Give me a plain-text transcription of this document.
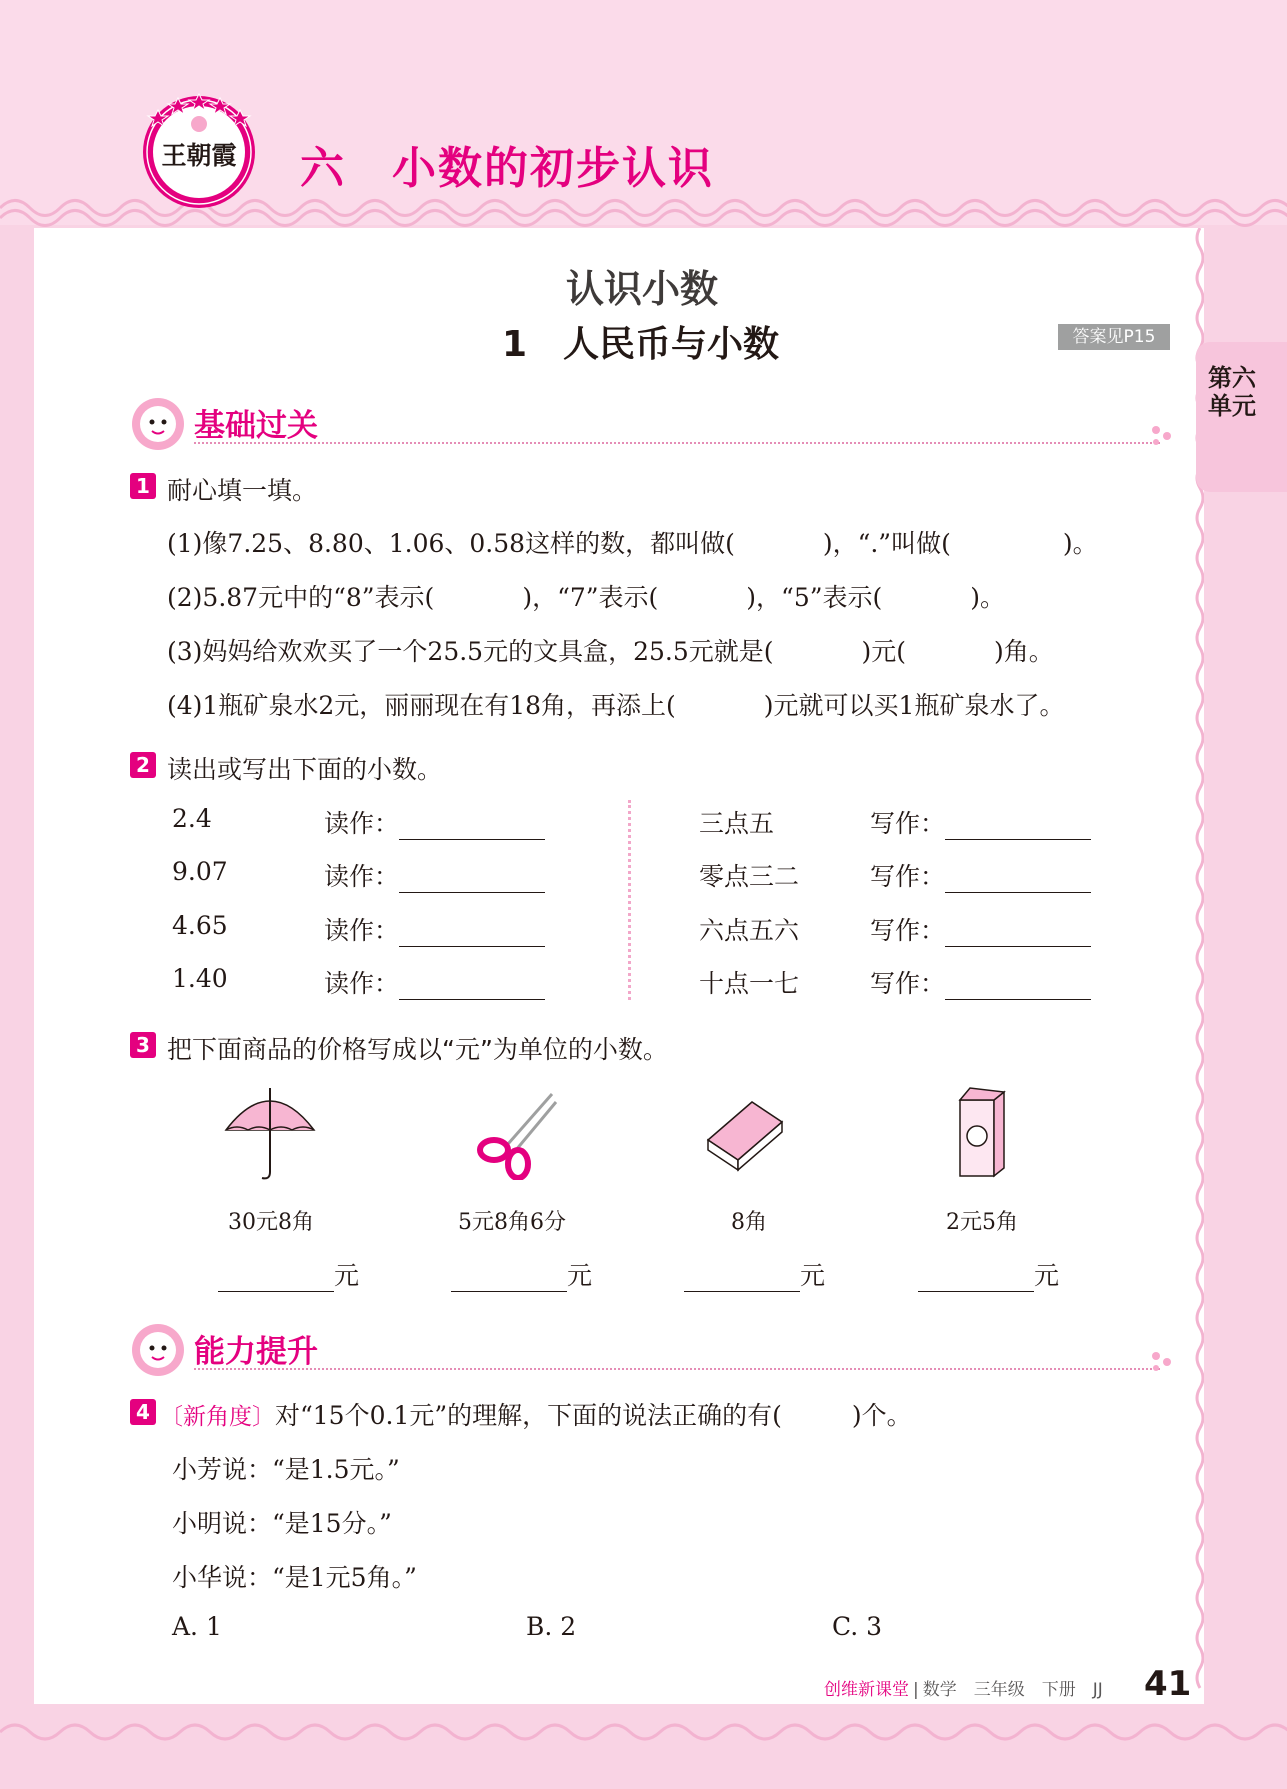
王朝霞 六　小数的初步认识
第六单元
认识小数
1　人民币与小数	答案见P15
基础过关
1 耐心填一填。
(1)像7.25、8.80、1.06、0.58这样的数，都叫做(	)，“.”叫做(	)。
(2)5.87元中的“8”表示(	)，“7”表示(	)，“5”表示(	)。
(3)妈妈给欢欢买了一个25.5元的文具盒，25.5元就是(	)元(	)角。
(4)1瓶矿泉水2元，丽丽现在有18角，再添上(	)元就可以买1瓶矿泉水了。
2 读出或写出下面的小数。
2.4	读作：
9.07	读作：
4.65	读作：
1.40	读作：
三点五	写作：
零点三二	写作：
六点五六	写作：
十点一七	写作：
3 把下面商品的价格写成以“元”为单位的小数。
30元8角	5元8角6分	8角	2元5角
元	元	元	元
能力提升
4 〔新角度〕对“15个0.1元”的理解，下面的说法正确的有(	)个。
小芳说：“是1.5元。”
小明说：“是15分。”
小华说：“是1元5角。”
A. 1	B. 2	C. 3
创维新课堂 | 数学　三年级　下册　JJ 41
